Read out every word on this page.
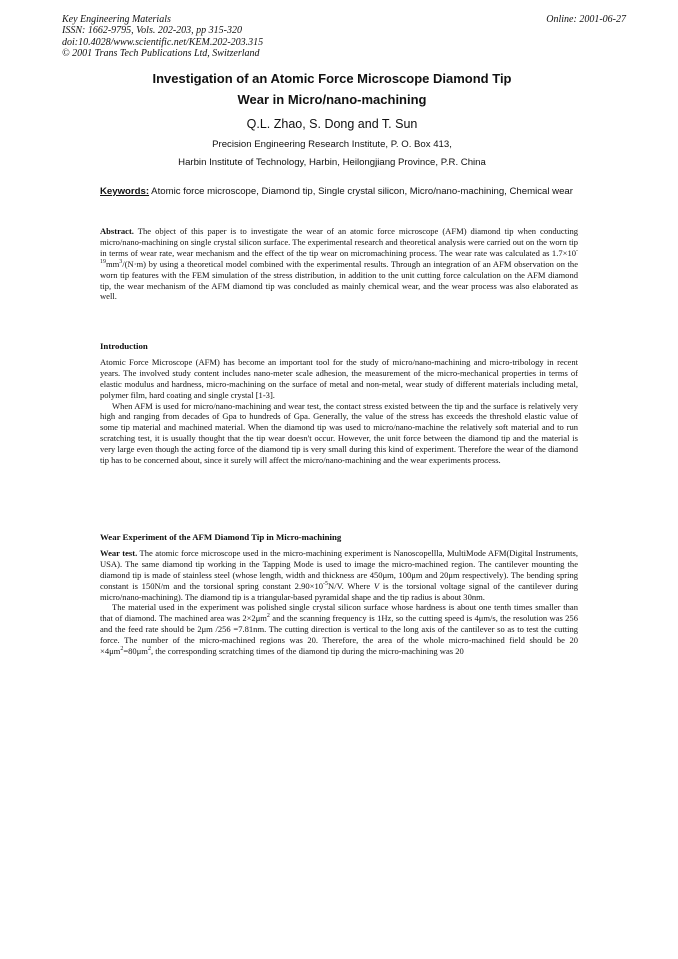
Key Engineering Materials
ISSN: 1662-9795, Vols. 202-203, pp 315-320
doi:10.4028/www.scientific.net/KEM.202-203.315
© 2001 Trans Tech Publications Ltd, Switzerland
Online: 2001-06-27
Investigation of an Atomic Force Microscope Diamond Tip
Wear in Micro/nano-machining
Q.L. Zhao, S. Dong and T. Sun
Precision Engineering Research Institute, P. O. Box 413,
Harbin Institute of Technology, Harbin, Heilongjiang Province, P.R. China
Keywords: Atomic force microscope, Diamond tip, Single crystal silicon, Micro/nano-machining, Chemical wear

Abstract. The object of this paper is to investigate the wear of an atomic force microscope (AFM) diamond tip when conducting micro/nano-machining on single crystal silicon surface. The experimental research and theoretical analysis were carried out on the worn tip in terms of wear rate, wear mechanism and the effect of the tip wear on micromachining process. The wear rate was calculated as $1.7\times 10^{-19}mm^3/(N\cdot m)$ by using a theoretical model combined with the experimental results. Through an integration of an AFM observation on the worn tip features with the FEM simulation of the stress distribution, in addition to the unit cutting force calculation on the AFM diamond tip, the wear mechanism of the AFM diamond tip was concluded as mainly chemical wear, and the wear process was also elaborated as well.

Introduction

Atomic Force Microscope (AFM) has become an important tool for the study of micro/nano-machining and micro-tribology in recent years. The involved study content includes nano-meter scale adhesion, the measurement of the micro-mechanical properties in terms of elastic modulus and hardness, micro-machining on the surface of metal and non-metal, wear study of different materials including metal, polymer film, hard coating and single crystal [1-3].

When AFM is used for micro/nano-machining and wear test, the contact stress existed between the tip and the surface is relatively very high and ranging from decades of Gpa to hundreds of Gpa. Generally, the value of the stress has exceeds the threshold elastic value of some tip material and machined material. When the diamond tip was used to micro/nano-machine the relatively soft material and to run scratching test, it is usually thought that the tip wear doesn't occur. However, the unit force between the diamond tip and the material is very large even though the acting force of the diamond tip is very small during this kind of experiment. Therefore the wear of the diamond tip has to be concerned about, since it surely will affect the micro/nano-machining and the wear experiments process.

Wear Experiment of the AFM Diamond Tip in Micro-machining

Wear test. The atomic force microscope used in the micro-machining experiment is Nanoscopellla, MultiMode AFM(Digital Instruments, USA). The same diamond tip working in the Tapping Mode is used to image the micro-machined region. The cantilever mounting the diamond tip is made of stainless steel (whose length, width and thickness are 450μm, 100μm and 20μm respectively). The bending spring constant is 150N/m and the torsional spring constant $2.90\times 10^{-5}N/V$. Where V is the torsional voltage signal of the cantilever during micro/nano-machining). The diamond tip is a triangular-based pyramidal shape and the tip radius is about 30nm.

The material used in the experiment was polished single crystal silicon surface whose hardness is about one tenth times smaller than that of diamond. The machined area was $2\times 2\mu m^2$ and the scanning frequency is 1Hz, so the cutting speed is 4μm/s, the resolution was 256 and the feed rate should be 2μm /256 =7.81nm. The cutting direction is vertical to the long axis of the cantilever so as to test the cutting force. The number of the micro-machined regions was 20. Therefore, the area of the whole micro-machined field should be $20 \times 4\mu m^2=80\mu m^2$, the corresponding scratching times of the diamond tip during the micro-machining was 20
